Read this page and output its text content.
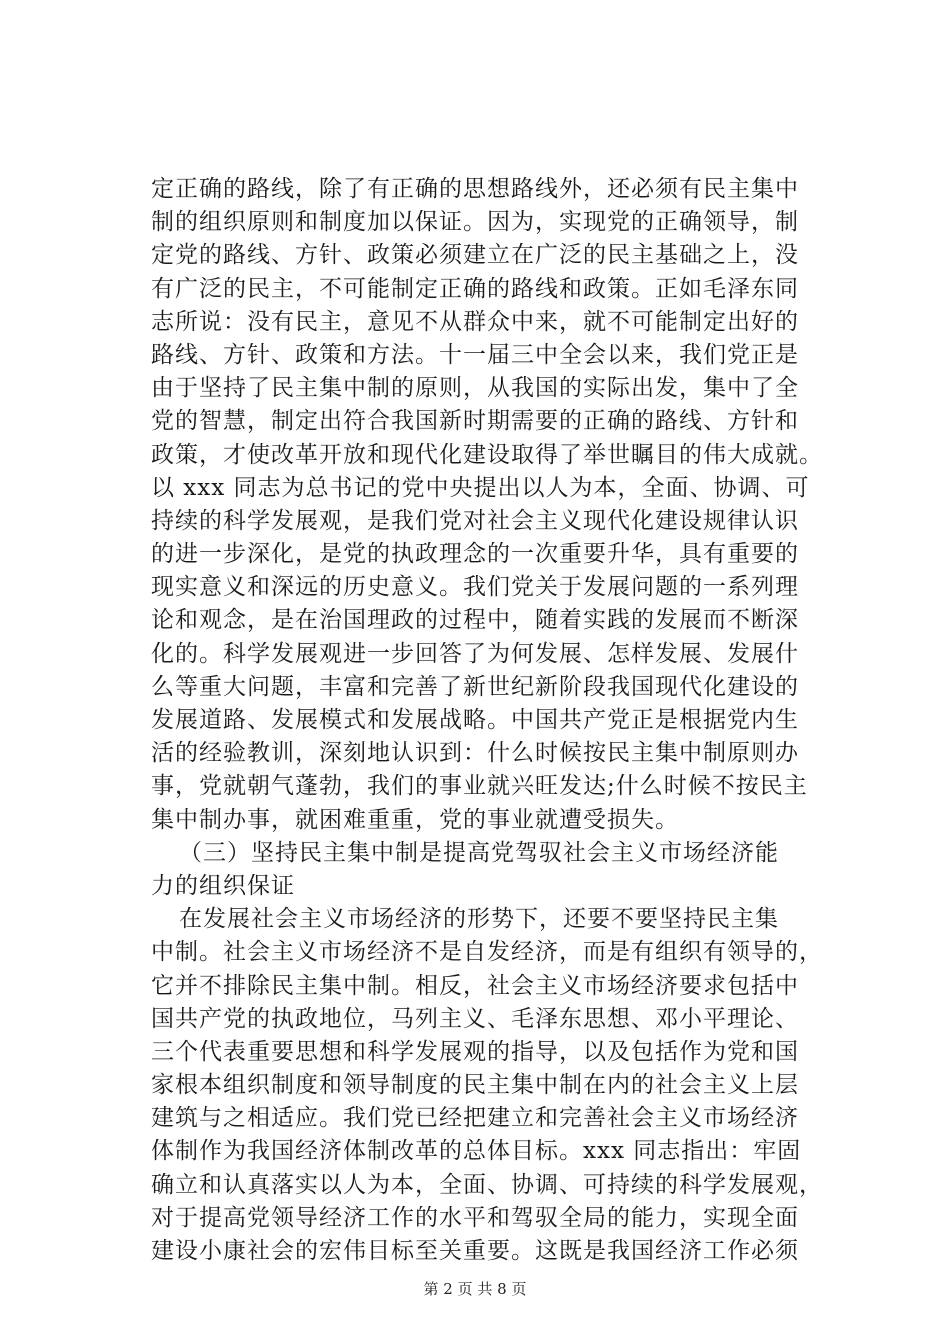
定正确的路线，除了有正确的思想路线外，还必须有民主集中
制的组织原则和制度加以保证。因为，实现党的正确领导，制
定党的路线、方针、政策必须建立在广泛的民主基础之上，没
有广泛的民主，不可能制定正确的路线和政策。正如毛泽东同
志所说：没有民主，意见不从群众中来，就不可能制定出好的
路线、方针、政策和方法。十一届三中全会以来，我们党正是
由于坚持了民主集中制的原则，从我国的实际出发，集中了全
党的智慧，制定出符合我国新时期需要的正确的路线、方针和
政策，才使改革开放和现代化建设取得了举世瞩目的伟大成就。
以 xxx 同志为总书记的党中央提出以人为本，全面、协调、可
持续的科学发展观，是我们党对社会主义现代化建设规律认识
的进一步深化，是党的执政理念的一次重要升华，具有重要的
现实意义和深远的历史意义。我们党关于发展问题的一系列理
论和观念，是在治国理政的过程中，随着实践的发展而不断深
化的。科学发展观进一步回答了为何发展、怎样发展、发展什
么等重大问题，丰富和完善了新世纪新阶段我国现代化建设的
发展道路、发展模式和发展战略。中国共产党正是根据党内生
活的经验教训，深刻地认识到：什么时候按民主集中制原则办
事，党就朝气蓬勃，我们的事业就兴旺发达;什么时候不按民主
集中制办事，就困难重重，党的事业就遭受损失。
（三）坚持民主集中制是提高党驾驭社会主义市场经济能
力的组织保证
在发展社会主义市场经济的形势下，还要不要坚持民主集
中制。社会主义市场经济不是自发经济，而是有组织有领导的，
它并不排除民主集中制。相反，社会主义市场经济要求包括中
国共产党的执政地位，马列主义、毛泽东思想、邓小平理论、
三个代表重要思想和科学发展观的指导，以及包括作为党和国
家根本组织制度和领导制度的民主集中制在内的社会主义上层
建筑与之相适应。我们党已经把建立和完善社会主义市场经济
体制作为我国经济体制改革的总体目标。xxx 同志指出：牢固
确立和认真落实以人为本，全面、协调、可持续的科学发展观，
对于提高党领导经济工作的水平和驾驭全局的能力，实现全面
建设小康社会的宏伟目标至关重要。这既是我国经济工作必须
第 2 页 共 8 页
